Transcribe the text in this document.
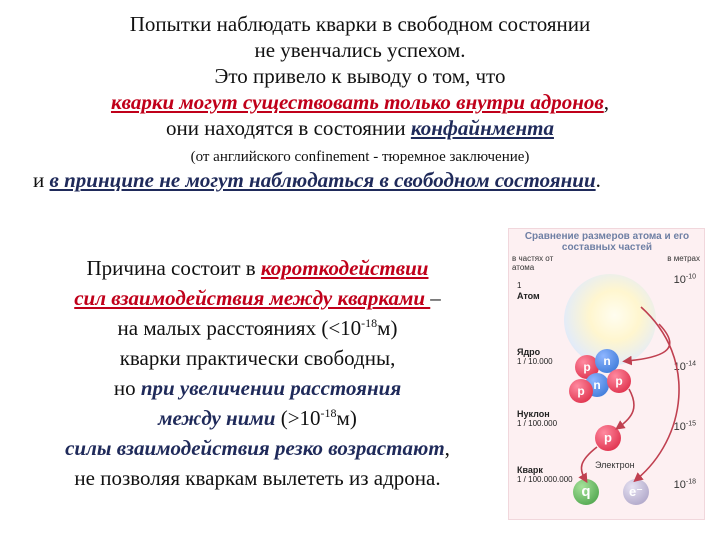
Попытки наблюдать кварки в свободном состоянии
не увенчались успехом.
Это привело к выводу о том, что
кварки могут существовать только внутри адронов,
они находятся в состоянии конфайнмента
(от английского confinement - тюремное заключение)
и в принципе не могут наблюдаться в свободном состоянии.
Причина состоит в короткодействии
сил взаимодействия между кварками –
на малых расстояниях $(<10^{-18}м)$
кварки практически свободны,
но при увеличении расстояния
между ними $(>10^{-18}м)$
силы взаимодействия резко возрастают,
не позволяя кваркам вылететь из адрона.
Сравнение размеров атома и его составных частей
в частях от атома
в метрах
1
Атом
$10^{-10}$
Ядро
1 / 10.000	$10^{-14}$
p	n
n	p
p
Нуклон
1 / 100.000	$10^{-15}$
p
Кварк
1 / 100.000.000	$10^{-18}$
q	e⁻
Электрон
